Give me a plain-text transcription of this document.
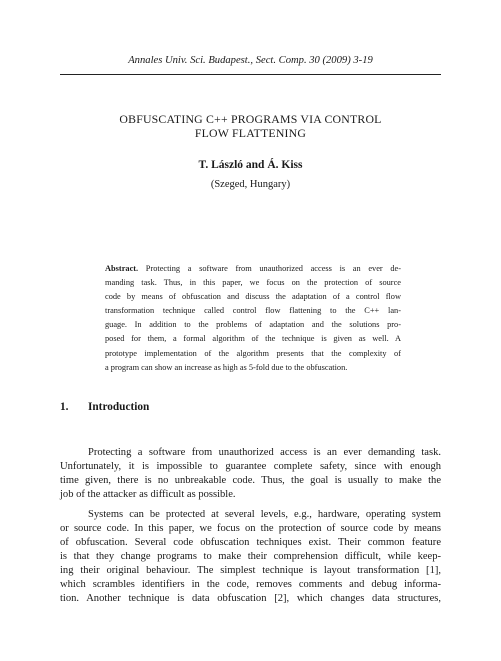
Annales Univ. Sci. Budapest., Sect. Comp. 30 (2009) 3-19
OBFUSCATING C++ PROGRAMS VIA CONTROL
FLOW FLATTENING
T. László and Á. Kiss
(Szeged, Hungary)
Abstract. Protecting a software from unauthorized access is an ever de-
manding task. Thus, in this paper, we focus on the protection of source
code by means of obfuscation and discuss the adaptation of a control flow
transformation technique called control flow flattening to the C++ lan-
guage. In addition to the problems of adaptation and the solutions pro-
posed for them, a formal algorithm of the technique is given as well. A
prototype implementation of the algorithm presents that the complexity of
a program can show an increase as high as 5-fold due to the obfuscation.
1. Introduction
Protecting a software from unauthorized access is an ever demanding task.
Unfortunately, it is impossible to guarantee complete safety, since with enough
time given, there is no unbreakable code. Thus, the goal is usually to make the
job of the attacker as difficult as possible.
Systems can be protected at several levels, e.g., hardware, operating system
or source code. In this paper, we focus on the protection of source code by means
of obfuscation. Several code obfuscation techniques exist. Their common feature
is that they change programs to make their comprehension difficult, while keep-
ing their original behaviour. The simplest technique is layout transformation [1],
which scrambles identifiers in the code, removes comments and debug informa-
tion. Another technique is data obfuscation [2], which changes data structures,
